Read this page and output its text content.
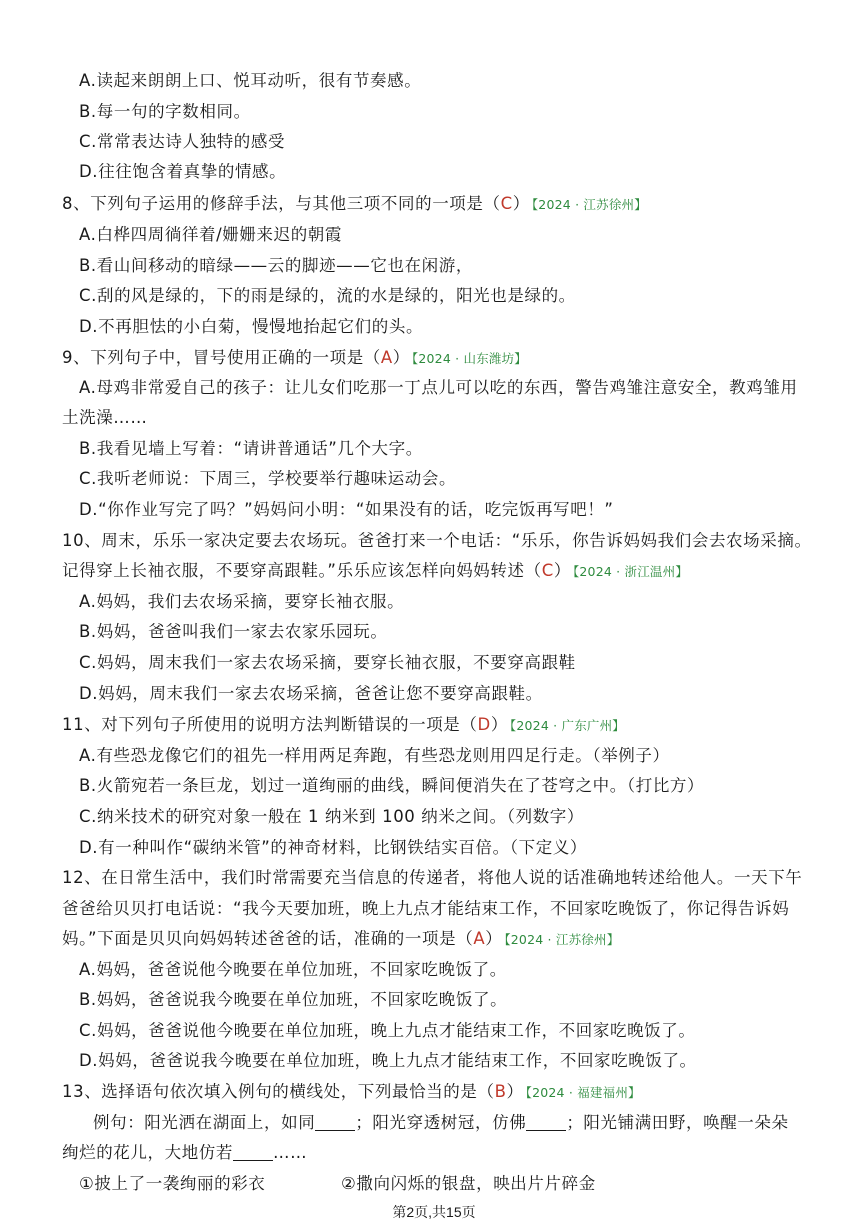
A.读起来朗朗上口、悦耳动听，很有节奏感。
B.每一句的字数相同。
C.常常表达诗人独特的感受
D.往往饱含着真挚的情感。
8、下列句子运用的修辞手法，与其他三项不同的一项是（C） 【2024 · 江苏徐州】
A.白桦四周徜徉着/姗姗来迟的朝霞
B.看山间移动的暗绿——云的脚迹——它也在闲游，
C.刮的风是绿的，下的雨是绿的，流的水是绿的，阳光也是绿的。
D.不再胆怯的小白菊，慢慢地抬起它们的头。
9、下列句子中，冒号使用正确的一项是（A） 【2024 · 山东潍坊】
A.母鸡非常爱自己的孩子：让儿女们吃那一丁点儿可以吃的东西，警告鸡雏注意安全，教鸡雏用
土洗澡……
B.我看见墙上写着：“请讲普通话”几个大字。
C.我听老师说：下周三，学校要举行趣味运动会。
D.“你作业写完了吗？”妈妈问小明：“如果没有的话，吃完饭再写吧！”
10、周末，乐乐一家决定要去农场玩。爸爸打来一个电话：“乐乐，你告诉妈妈我们会去农场采摘。
记得穿上长袖衣服，不要穿高跟鞋。”乐乐应该怎样向妈妈转述（C） 【2024 · 浙江温州】
A.妈妈，我们去农场采摘，要穿长袖衣服。
B.妈妈，爸爸叫我们一家去农家乐园玩。
C.妈妈，周末我们一家去农场采摘，要穿长袖衣服，不要穿高跟鞋
D.妈妈，周末我们一家去农场采摘，爸爸让您不要穿高跟鞋。
11、对下列句子所使用的说明方法判断错误的一项是（D） 【2024 · 广东广州】
A.有些恐龙像它们的祖先一样用两足奔跑，有些恐龙则用四足行走。（举例子）
B.火箭宛若一条巨龙，划过一道绚丽的曲线，瞬间便消失在了苍穹之中。（打比方）
C.纳米技术的研究对象一般在 1 纳米到 100 纳米之间。（列数字）
D.有一种叫作“碳纳米管”的神奇材料，比钢铁结实百倍。（下定义）
12、在日常生活中，我们时常需要充当信息的传递者，将他人说的话准确地转述给他人。一天下午
爸爸给贝贝打电话说：“我今天要加班，晚上九点才能结束工作，不回家吃晚饭了，你记得告诉妈
妈。”下面是贝贝向妈妈转述爸爸的话，准确的一项是（A） 【2024 · 江苏徐州】
A.妈妈，爸爸说他今晚要在单位加班，不回家吃晚饭了。
B.妈妈，爸爸说我今晚要在单位加班，不回家吃晚饭了。
C.妈妈，爸爸说他今晚要在单位加班，晚上九点才能结束工作，不回家吃晚饭了。
D.妈妈，爸爸说我今晚要在单位加班，晚上九点才能结束工作，不回家吃晚饭了。
13、选择语句依次填入例句的横线处，下列最恰当的是（B） 【2024 · 福建福州】
例句：阳光洒在湖面上，如同 ；阳光穿透树冠，仿佛 ；阳光铺满田野，唤醒一朵朵
绚烂的花儿，大地仿若 ……
①披上了一袭绚丽的彩衣	②撒向闪烁的银盘，映出片片碎金
第2页,共15页
